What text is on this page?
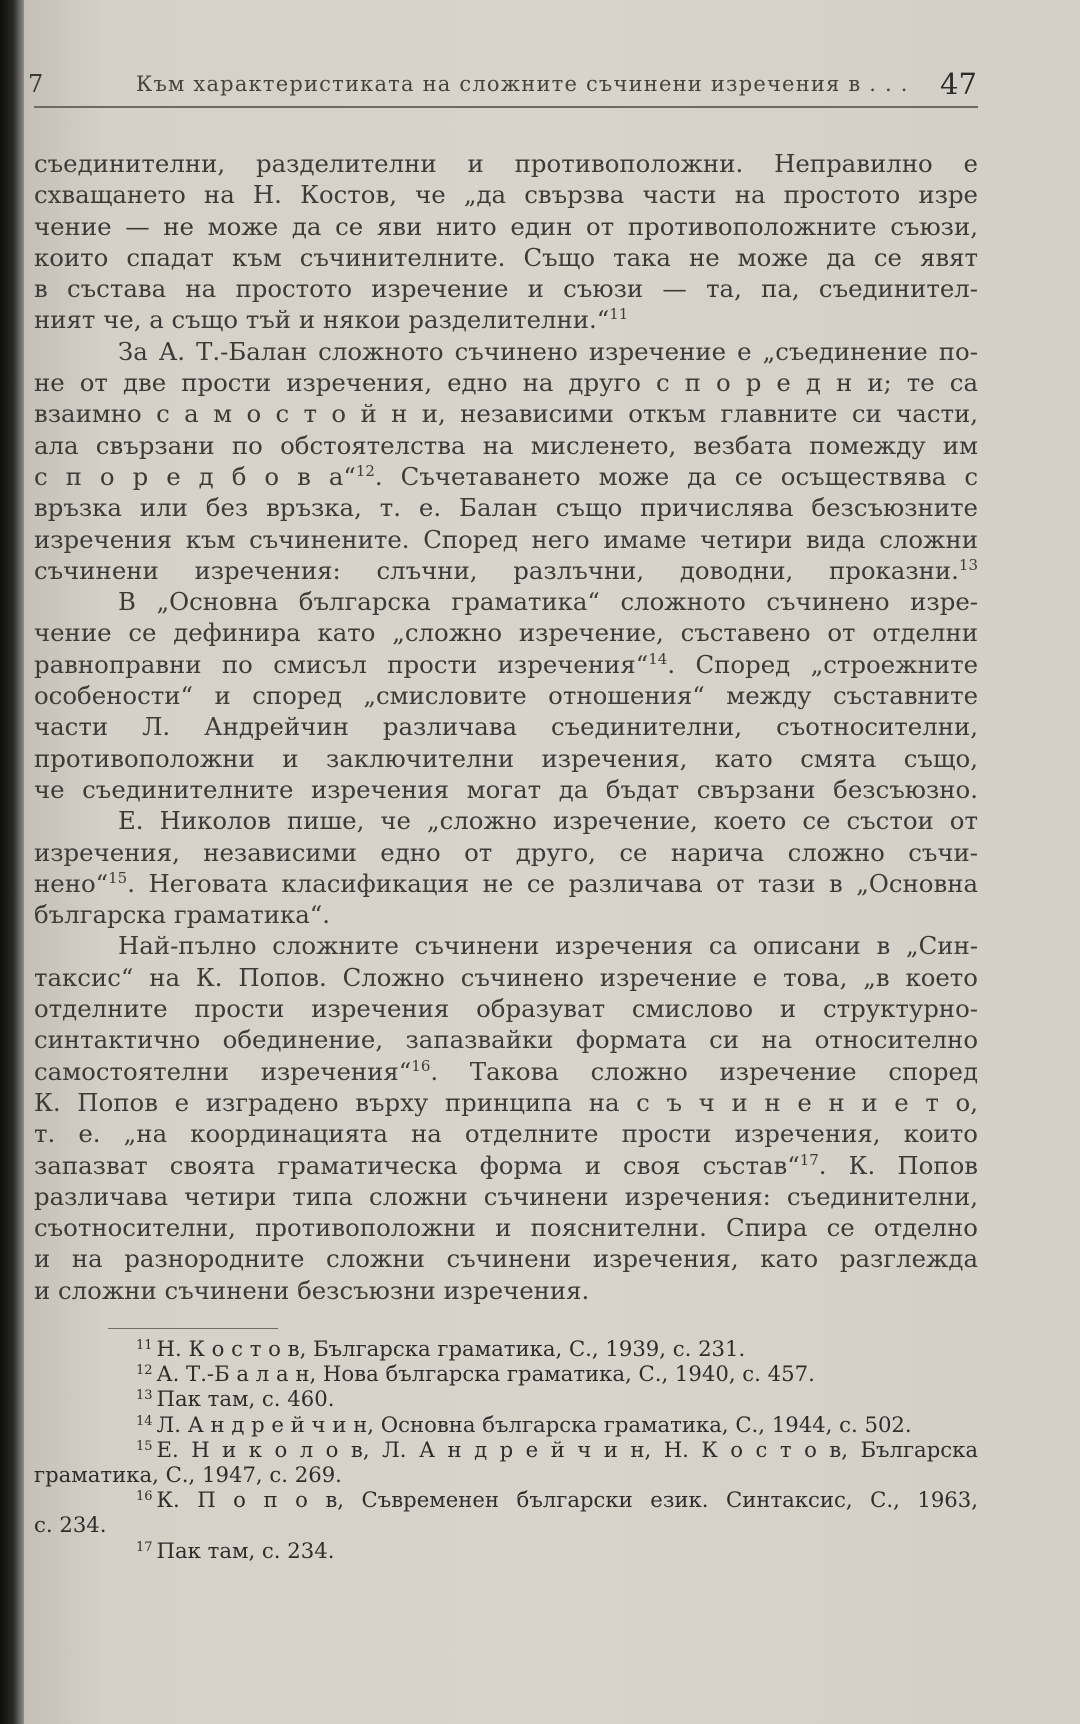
7	Към характеристиката на сложните съчинени изречения в . . . 47
съединителни, разделителни и противоположни. Неправилно е
схващането на Н. Костов, че „да свързва части на простото изре
чение — не може да се яви нито един от противоположните съюзи,
които спадат към съчинителните. Също така не може да се явят
в състава на простото изречение и съюзи — та, па, съединител-
ният че, а също тъй и някои разделителни.“$^{11}$
За А. Т.-Балан сложното съчинено изречение е „съединение по-
не от две прости изречения, едно на друго с п о р е д н и; те са
взаимно с а м о с т о й н и, независими откъм главните си части,
ала свързани по обстоятелства на мисленето, везбата помежду им
с п о р е д б о в а“$^{12}$. Съчетаването може да се осъществява с
връзка или без връзка, т. е. Балан също причислява безсъюзните
изречения към съчинените. Според него имаме четири вида сложни
съчинени изречения: слъчни, разлъчни, доводни, проказни.$^{13}$
В „Основна българска граматика“ сложното съчинено изре-
чение се дефинира като „сложно изречение, съставено от отделни
равноправни по смисъл прости изречения“$^{14}$. Според „строежните
особености“ и според „смисловите отношения“ между съставните
части Л. Андрейчин различава съединителни, съотносителни,
противоположни и заключителни изречения, като смята също,
че съединителните изречения могат да бъдат свързани безсъюзно.
Е. Николов пише, че „сложно изречение, което се състои от
изречения, независими едно от друго, се нарича сложно съчи-
нено“$^{15}$. Неговата класификация не се различава от тази в „Основна
българска граматика“.
Най-пълно сложните съчинени изречения са описани в „Син-
таксис“ на К. Попов. Сложно съчинено изречение е това, „в което
отделните прости изречения образуват смислово и структурно-
синтактично обединение, запазвайки формата си на относително
самостоятелни изречения“$^{16}$. Такова сложно изречение според
К. Попов е изградено върху принципа на с ъ ч и н е н и е т о,
т. е. „на координацията на отделните прости изречения, които
запазват своята граматическа форма и своя състав“$^{17}$. К. Попов
различава четири типа сложни съчинени изречения: съединителни,
съотносителни, противоположни и пояснителни. Спира се отделно
и на разнородните сложни съчинени изречения, като разглежда
и сложни съчинени безсъюзни изречения.
$^{11}$ Н. К о с т о в, Българска граматика, С., 1939, с. 231.
$^{12}$ А. Т.-Б а л а н, Нова българска граматика, С., 1940, с. 457.
$^{13}$ Пак там, с. 460.
$^{14}$ Л. А н д р е й ч и н, Основна българска граматика, С., 1944, с. 502.
$^{15}$ Е. Н и к о л о в, Л. А н д р е й ч и н, Н. К о с т о в, Българска
граматика, С., 1947, с. 269.
$^{16}$ К. П о п о в, Съвременен български език. Синтаксис, С., 1963,
с. 234.
$^{17}$ Пак там, с. 234.
